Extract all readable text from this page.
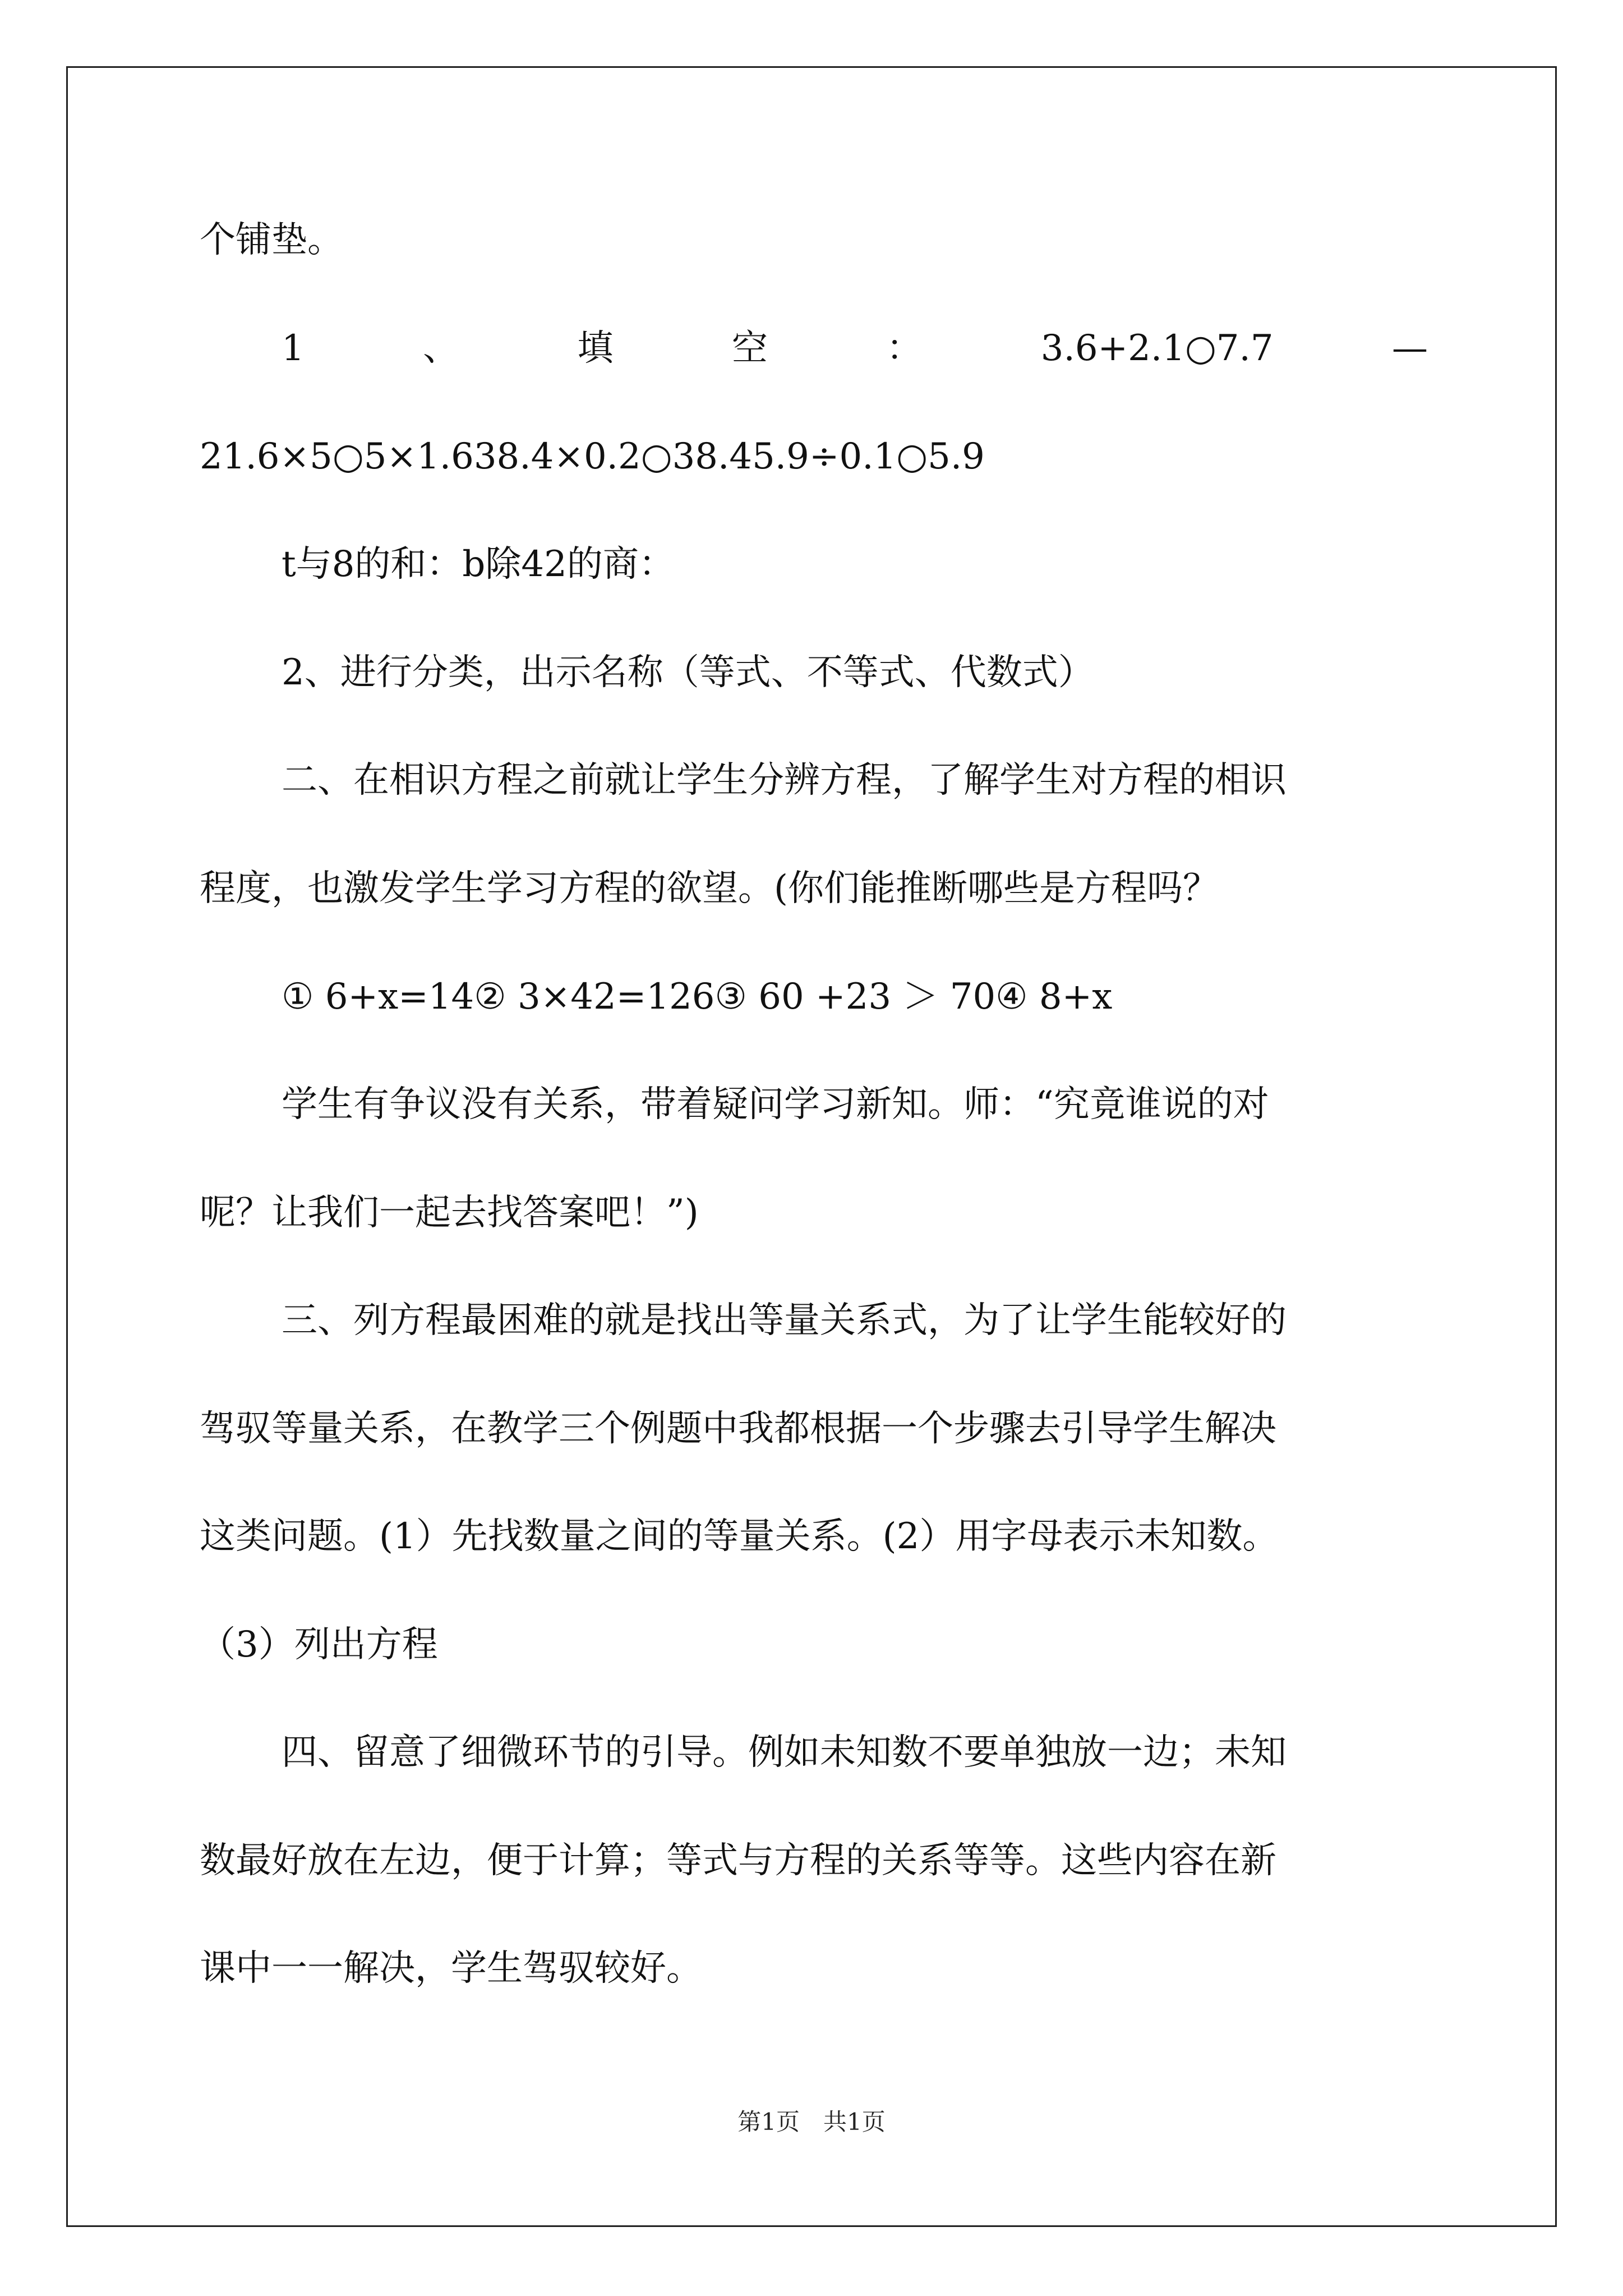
个铺垫。
1	、	填	空	：	3.6+2.1○7.7	—
21.6×5○5×1.638.4×0.2○38.45.9÷0.1○5.9
t与8的和：b除42的商：
2、进行分类，出示名称（等式、不等式、代数式）
二、在相识方程之前就让学生分辨方程，了解学生对方程的相识
程度，也激发学生学习方程的欲望。(你们能推断哪些是方程吗？
① 6+x=14② 3×42=126③ 60 +23 ＞ 70④ 8+x
学生有争议没有关系，带着疑问学习新知。师：“究竟谁说的对
呢？让我们一起去找答案吧！”)
三、列方程最困难的就是找出等量关系式，为了让学生能较好的
驾驭等量关系，在教学三个例题中我都根据一个步骤去引导学生解决
这类问题。(1）先找数量之间的等量关系。(2）用字母表示未知数。
（3）列出方程
四、留意了细微环节的引导。例如未知数不要单独放一边；未知
数最好放在左边，便于计算；等式与方程的关系等等。这些内容在新
课中一一解决，学生驾驭较好。
第1页　共1页
